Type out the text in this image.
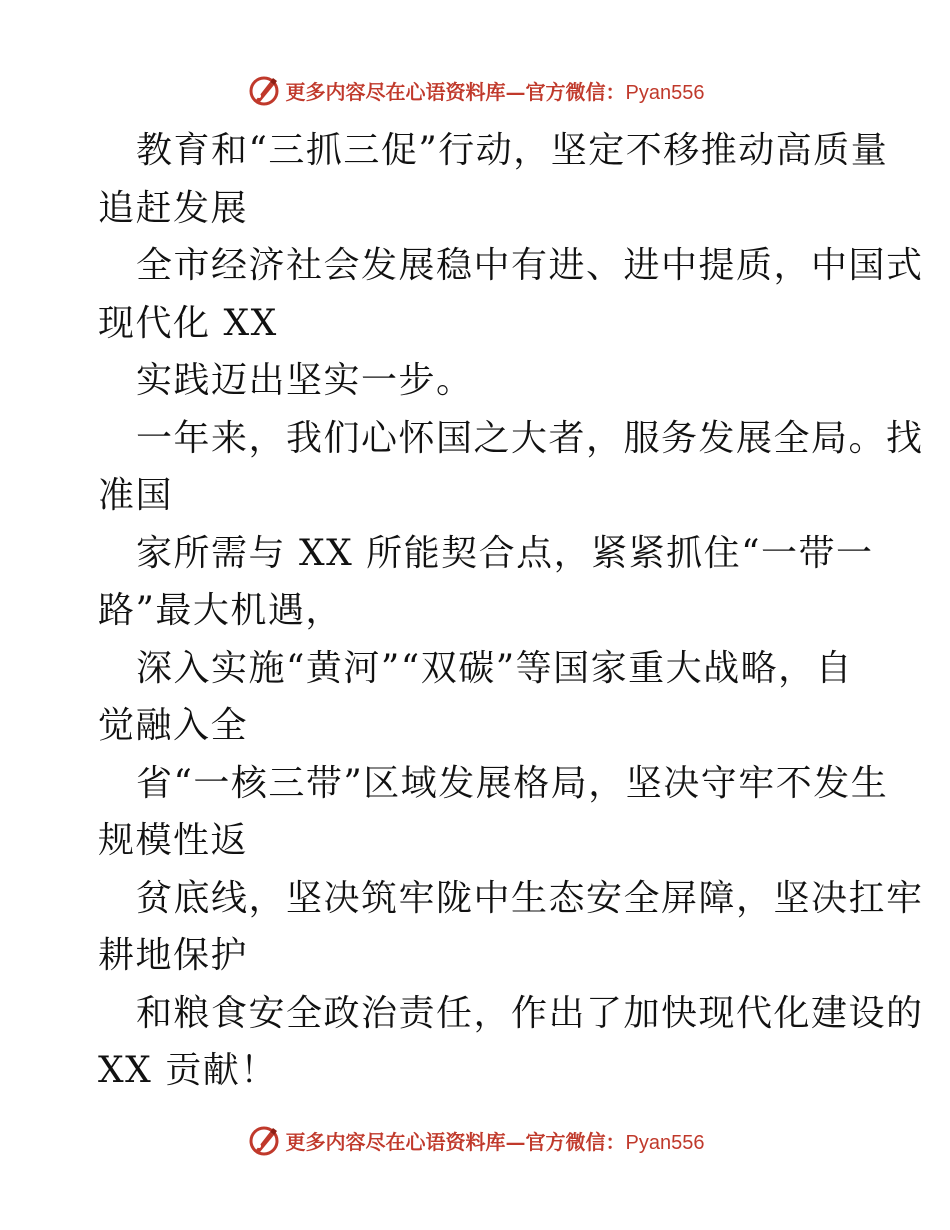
更多内容尽在心语资料库—官方微信：Pyan556
教育和“三抓三促”行动，坚定不移推动高质量
追赶发展
全市经济社会发展稳中有进、进中提质，中国式
现代化 XX
实践迈出坚实一步。
一年来，我们心怀国之大者，服务发展全局。找
准国
家所需与 XX 所能契合点，紧紧抓住“一带一
路”最大机遇，
深入实施“黄河”“双碳”等国家重大战略，自
觉融入全
省“一核三带”区域发展格局，坚决守牢不发生
规模性返
贫底线，坚决筑牢陇中生态安全屏障，坚决扛牢
耕地保护
和粮食安全政治责任，作出了加快现代化建设的
XX 贡献！
更多内容尽在心语资料库—官方微信：Pyan556
